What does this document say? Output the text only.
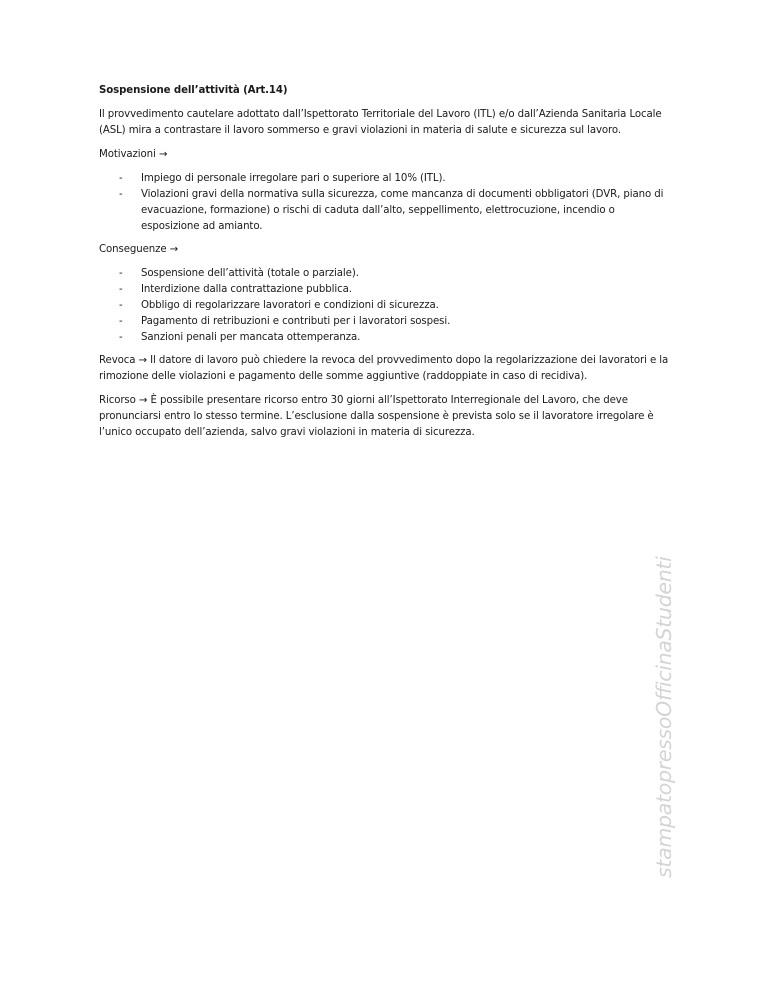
Sospensione dell’attività (Art.14)

Il provvedimento cautelare adottato dall’Ispettorato Territoriale del Lavoro (ITL) e/o dall’Azienda Sanitaria Locale (ASL) mira a contrastare il lavoro sommerso e gravi violazioni in materia di salute e sicurezza sul lavoro.

Motivazioni →

- Impiego di personale irregolare pari o superiore al 10% (ITL).
- Violazioni gravi della normativa sulla sicurezza, come mancanza di documenti obbligatori (DVR, piano di evacuazione, formazione) o rischi di caduta dall’alto, seppellimento, elettrocuzione, incendio o esposizione ad amianto.

Conseguenze →

- Sospensione dell’attività (totale o parziale).
- Interdizione dalla contrattazione pubblica.
- Obbligo di regolarizzare lavoratori e condizioni di sicurezza.
- Pagamento di retribuzioni e contributi per i lavoratori sospesi.
- Sanzioni penali per mancata ottemperanza.

Revoca → Il datore di lavoro può chiedere la revoca del provvedimento dopo la regolarizzazione dei lavoratori e la rimozione delle violazioni e pagamento delle somme aggiuntive (raddoppiate in caso di recidiva).

Ricorso → È possibile presentare ricorso entro 30 giorni all’Ispettorato Interregionale del Lavoro, che deve pronunciarsi entro lo stesso termine. L’esclusione dalla sospensione è prevista solo se il lavoratore irregolare è l’unico occupato dell’azienda, salvo gravi violazioni in materia di sicurezza.

stampatopressoOfficinaStudenti
